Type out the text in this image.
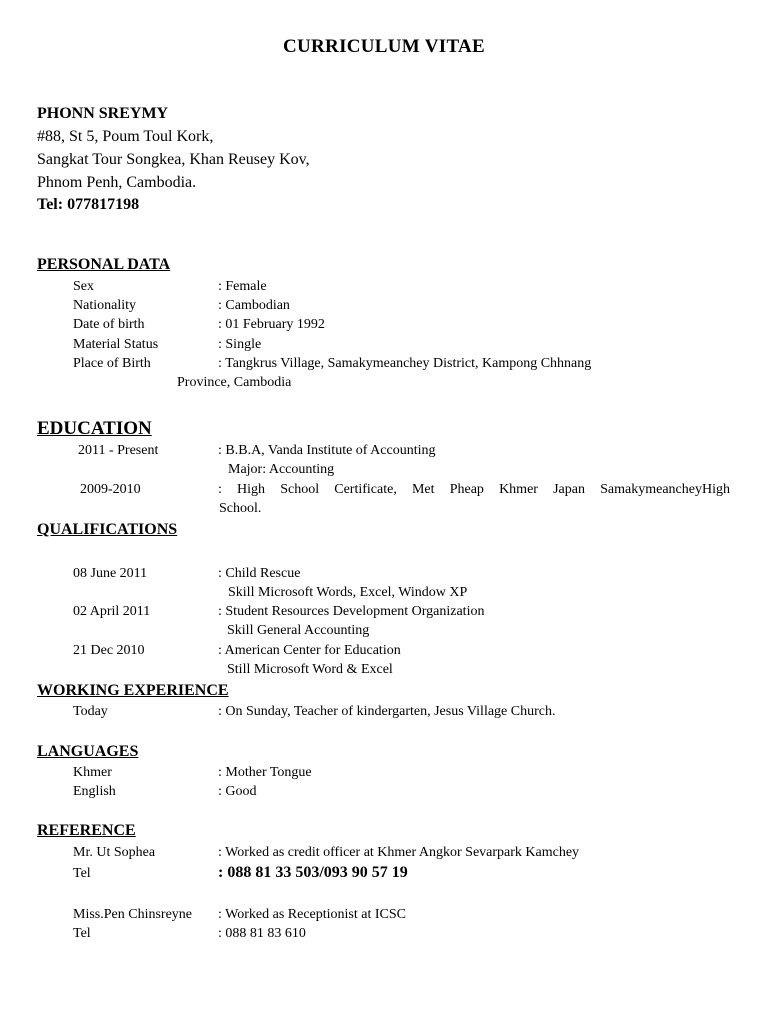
CURRICULUM VITAE
PHONN SREYMY
#88, St 5, Poum Toul Kork,
Sangkat Tour Songkea, Khan Reusey Kov,
Phnom Penh, Cambodia.
Tel: 077817198
PERSONAL DATA
Sex	: Female
Nationality	: Cambodian
Date of birth	: 01 February 1992
Material Status	: Single
Place of Birth	: Tangkrus Village, Samakymeanchey District, Kampong Chhnang
Province, Cambodia
EDUCATION
2011 - Present	: B.B.A, Vanda Institute of Accounting
Major: Accounting
2009-2010	: High School Certificate, Met Pheap Khmer Japan SamakymeancheyHigh
School.
QUALIFICATIONS
08 June 2011	: Child Rescue
Skill Microsoft Words, Excel, Window XP
02 April 2011	: Student Resources Development Organization
Skill General Accounting
21 Dec 2010	: American Center for Education
Still Microsoft Word & Excel
WORKING EXPERIENCE
Today	: On Sunday, Teacher of kindergarten, Jesus Village Church.
LANGUAGES
Khmer	: Mother Tongue
English	: Good
REFERENCE
Mr. Ut Sophea	: Worked as credit officer at Khmer Angkor Sevarpark Kamchey
Tel	: 088 81 33 503/093 90 57 19
Miss.Pen Chinsreyne : Worked as Receptionist at ICSC
Tel	: 088 81 83 610
